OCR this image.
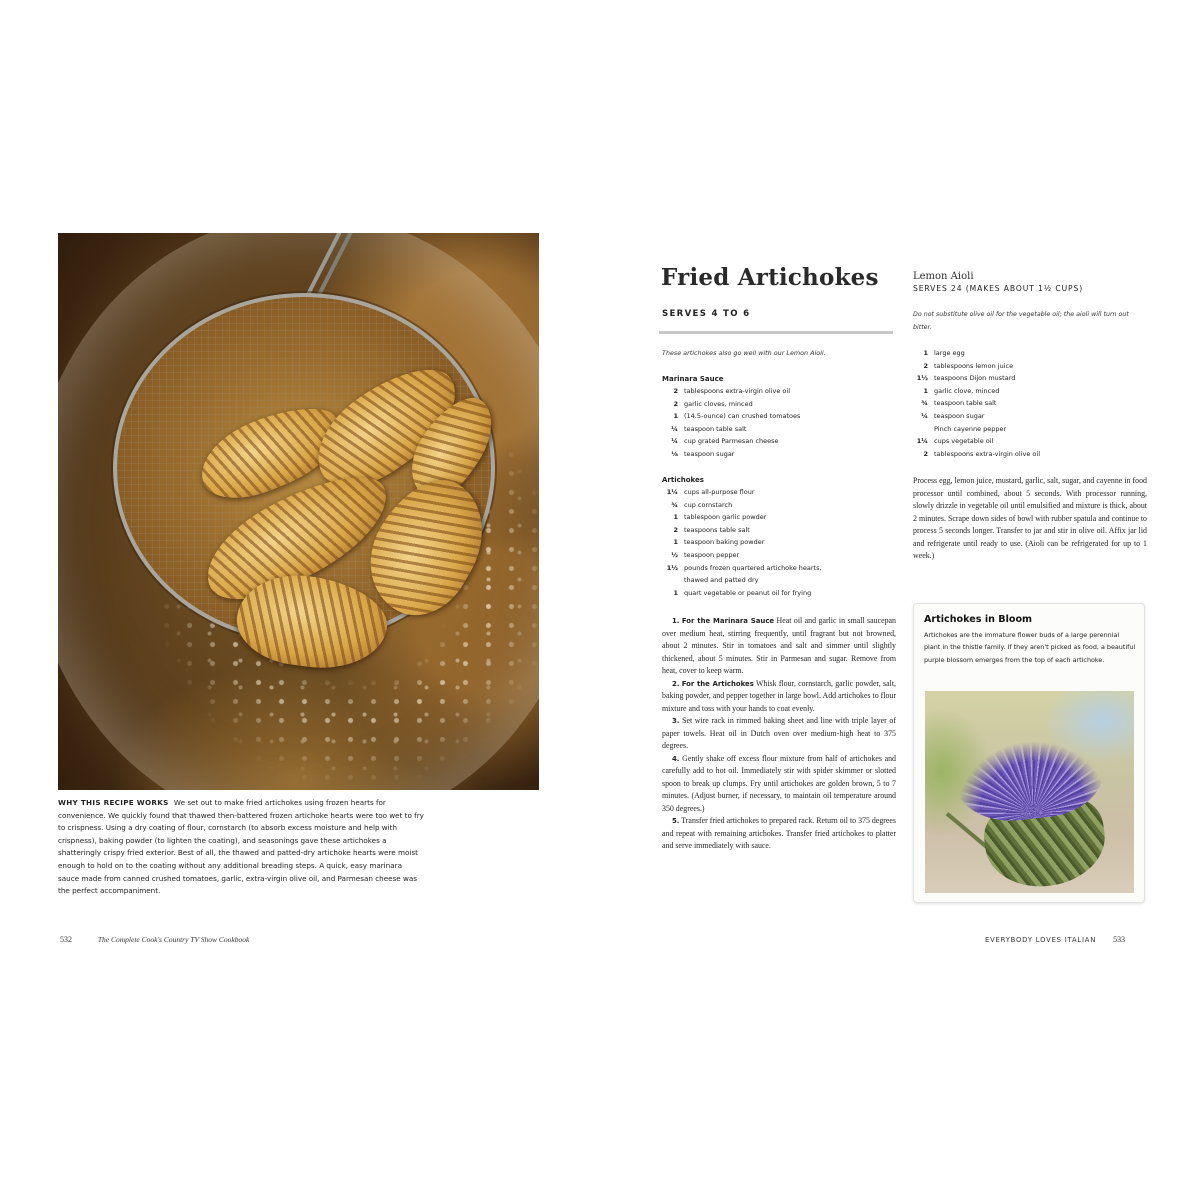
WHY THIS RECIPE WORKS We set out to make fried artichokes using frozen hearts for convenience. We quickly found that thawed then-battered frozen artichoke hearts were too wet to fry to crispness. Using a dry coating of flour, cornstarch (to absorb excess moisture and help with crispness), baking powder (to lighten the coating), and seasonings gave these artichokes a shatteringly crispy fried exterior. Best of all, the thawed and patted-dry artichoke hearts were moist enough to hold on to the coating without any additional breading steps. A quick, easy marinara sauce made from canned crushed tomatoes, garlic, extra-virgin olive oil, and Parmesan cheese was the perfect accompaniment.

532	The Complete Cook's Country TV Show Cookbook
Fried Artichokes
SERVES 4 TO 6
These artichokes also go well with our Lemon Aioli.
Marinara Sauce
2 tablespoons extra-virgin olive oil
2 garlic cloves, minced
1 (14.5-ounce) can crushed tomatoes
¼ teaspoon table salt
¼ cup grated Parmesan cheese
⅛ teaspoon sugar
Artichokes
1¼ cups all-purpose flour
¾ cup cornstarch
1 tablespoon garlic powder
2 teaspoons table salt
1 teaspoon baking powder
½ teaspoon pepper
1½ pounds frozen quartered artichoke hearts,
thawed and patted dry
1 quart vegetable or peanut oil for frying

1. For the Marinara Sauce Heat oil and garlic in small saucepan over medium heat, stirring frequently, until fragrant but not browned, about 2 minutes. Stir in tomatoes and salt and simmer until slightly thickened, about 5 minutes. Stir in Parmesan and sugar. Remove from heat, cover to keep warm.

2. For the Artichokes Whisk flour, cornstarch, garlic powder, salt, baking powder, and pepper together in large bowl. Add artichokes to flour mixture and toss with your hands to coat evenly.

3. Set wire rack in rimmed baking sheet and line with triple layer of paper towels. Heat oil in Dutch oven over medium-high heat to 375 degrees.

4. Gently shake off excess flour mixture from half of artichokes and carefully add to hot oil. Immediately stir with spider skimmer or slotted spoon to break up clumps. Fry until artichokes are golden brown, 5 to 7 minutes. (Adjust burner, if necessary, to maintain oil temperature around 350 degrees.)

5. Transfer fried artichokes to prepared rack. Return oil to 375 degrees and repeat with remaining artichokes. Transfer fried artichokes to platter and serve immediately with sauce.

Lemon Aioli
SERVES 24 (MAKES ABOUT 1½ CUPS)
Do not substitute olive oil for the vegetable oil; the aioli will turn out bitter.
1 large egg
2 tablespoons lemon juice
1½ teaspoons Dijon mustard
1 garlic clove, minced
¾ teaspoon table salt
¼ teaspoon sugar
Pinch cayenne pepper
1¼ cups vegetable oil
2 tablespoons extra-virgin olive oil

Process egg, lemon juice, mustard, garlic, salt, sugar, and cayenne in food processor until combined, about 5 seconds. With processor running, slowly drizzle in vegetable oil until emulsified and mixture is thick, about 2 minutes. Scrape down sides of bowl with rubber spatula and continue to process 5 seconds longer. Transfer to jar and stir in olive oil. Affix jar lid and refrigerate until ready to use. (Aioli can be refrigerated for up to 1 week.)

Artichokes in Bloom
Artichokes are the immature flower buds of a large perennial plant in the thistle family. If they aren't picked as food, a beautiful purple blossom emerges from the top of each artichoke.
EVERYBODY LOVES ITALIAN 533
